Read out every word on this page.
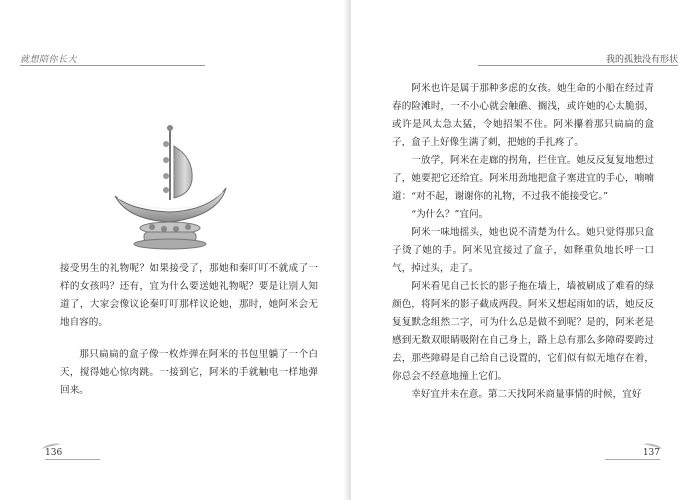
就想陪你长大

接受男生的礼物呢？如果接受了，那她和秦叮叮不就成了一样的女孩吗？还有，宜为什么要送她礼物呢？要是让别人知道了，大家会像议论秦叮叮那样议论她，那时，她阿米会无地自容的。

那只扁扁的盒子像一枚炸弹在阿米的书包里躺了一个白天，搅得她心惊肉跳。一接到它，阿米的手就触电一样地弹回来。

136
我的孤独没有形状

阿米也许是属于那种多虑的女孩。她生命的小船在经过青春的险滩时，一不小心就会触礁、搁浅，或许她的心太脆弱，或许是风太急太猛，令她招架不住。阿米攥着那只扁扁的盒子，盒子上好像生满了刺，把她的手扎疼了。

一放学，阿米在走廊的拐角，拦住宜。她反反复复地想过了，她要把它还给宜。阿米用劲地把盒子塞进宜的手心，喃喃道：“对不起，谢谢你的礼物，不过我不能接受它。”

“为什么？”宜问。

阿米一味地摇头，她也说不清楚为什么。她只觉得那只盒子烫了她的手。阿米见宜接过了盒子，如释重负地长呼一口气，掉过头，走了。

阿米看见自己长长的影子拖在墙上，墙被刷成了难看的绿颜色，将阿米的影子截成两段。阿米又想起雨如的话，她反反复复默念组然二字，可为什么总是做不到呢？是的，阿米老是感到无数双眼睛吸附在自己身上，路上总有那么多障碍要跨过去，那些障碍是自己给自己设置的，它们似有似无地存在着，你总会不经意地撞上它们。

幸好宜并未在意。第二天找阿米商量事情的时候，宜好

137
